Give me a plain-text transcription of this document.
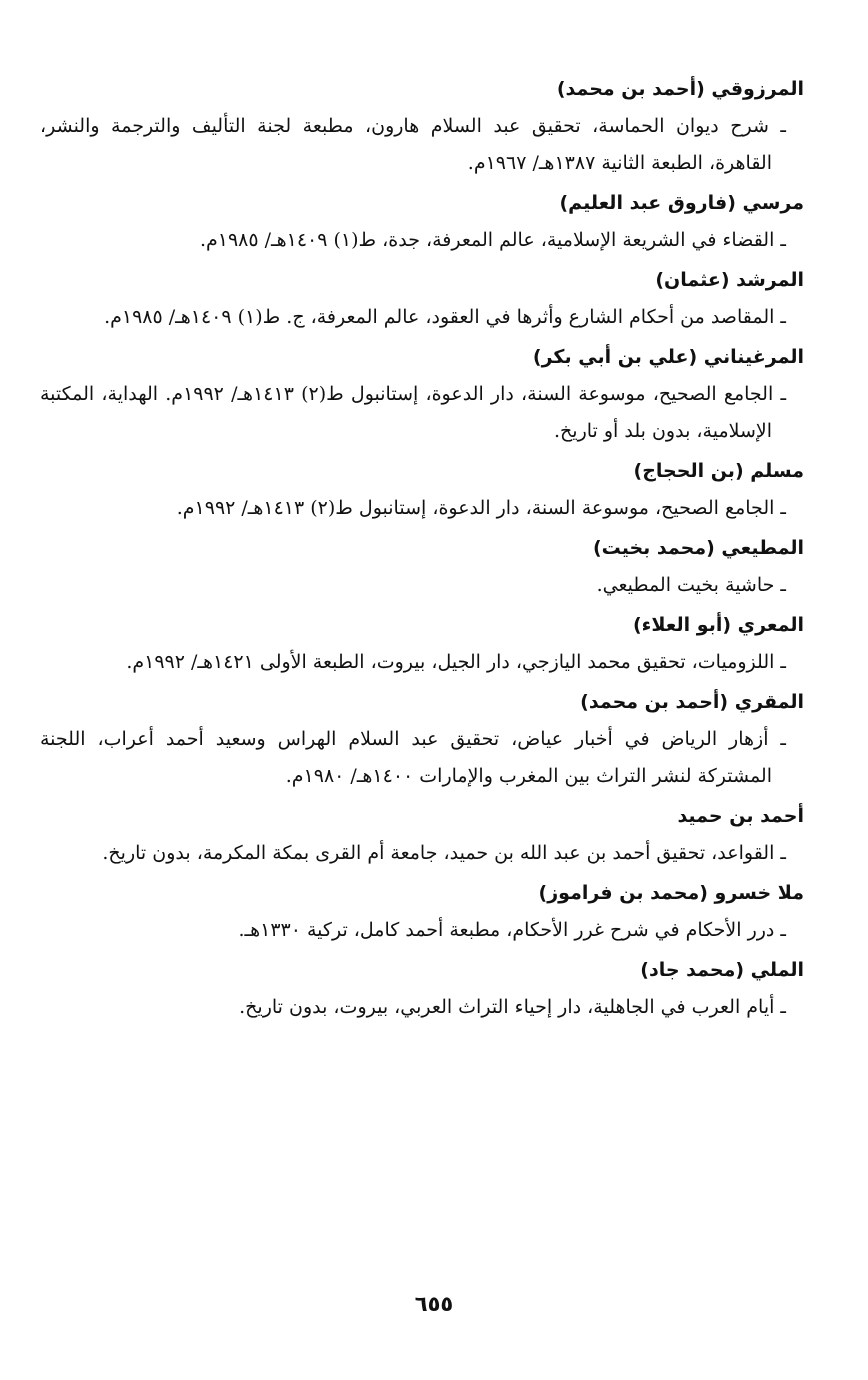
المرزوقي (أحمد بن محمد)
ـ شرح ديوان الحماسة، تحقيق عبد السلام هارون، مطبعة لجنة التأليف والترجمة والنشر، القاهرة، الطبعة الثانية ١٣٨٧هـ/ ١٩٦٧م.
مرسي (فاروق عبد العليم)
ـ القضاء في الشريعة الإسلامية، عالم المعرفة، جدة، ط(١) ١٤٠٩هـ/ ١٩٨٥م.
المرشد (عثمان)
ـ المقاصد من أحكام الشارع وأثرها في العقود، عالم المعرفة، ج. ط(١) ١٤٠٩هـ/ ١٩٨٥م.
المرغيناني (علي بن أبي بكر)
ـ الجامع الصحيح، موسوعة السنة، دار الدعوة، إستانبول ط(٢) ١٤١٣هـ/ ١٩٩٢م. الهداية، المكتبة الإسلامية، بدون بلد أو تاريخ.
مسلم (بن الحجاج)
ـ الجامع الصحيح، موسوعة السنة، دار الدعوة، إستانبول ط(٢) ١٤١٣هـ/ ١٩٩٢م.
المطيعي (محمد بخيت)
ـ حاشية بخيت المطيعي.
المعري (أبو العلاء)
ـ اللزوميات، تحقيق محمد اليازجي، دار الجيل، بيروت، الطبعة الأولى ١٤٢١هـ/ ١٩٩٢م.
المقري (أحمد بن محمد)
ـ أزهار الرياض في أخبار عياض، تحقيق عبد السلام الهراس وسعيد أحمد أعراب، اللجنة المشتركة لنشر التراث بين المغرب والإمارات ١٤٠٠هـ/ ١٩٨٠م.
أحمد بن حميد
ـ القواعد، تحقيق أحمد بن عبد الله بن حميد، جامعة أم القرى بمكة المكرمة، بدون تاريخ.
ملا خسرو (محمد بن فراموز)
ـ درر الأحكام في شرح غرر الأحكام، مطبعة أحمد كامل، تركية ١٣٣٠هـ.
الملي (محمد جاد)
ـ أيام العرب في الجاهلية، دار إحياء التراث العربي، بيروت، بدون تاريخ.
٦٥٥
